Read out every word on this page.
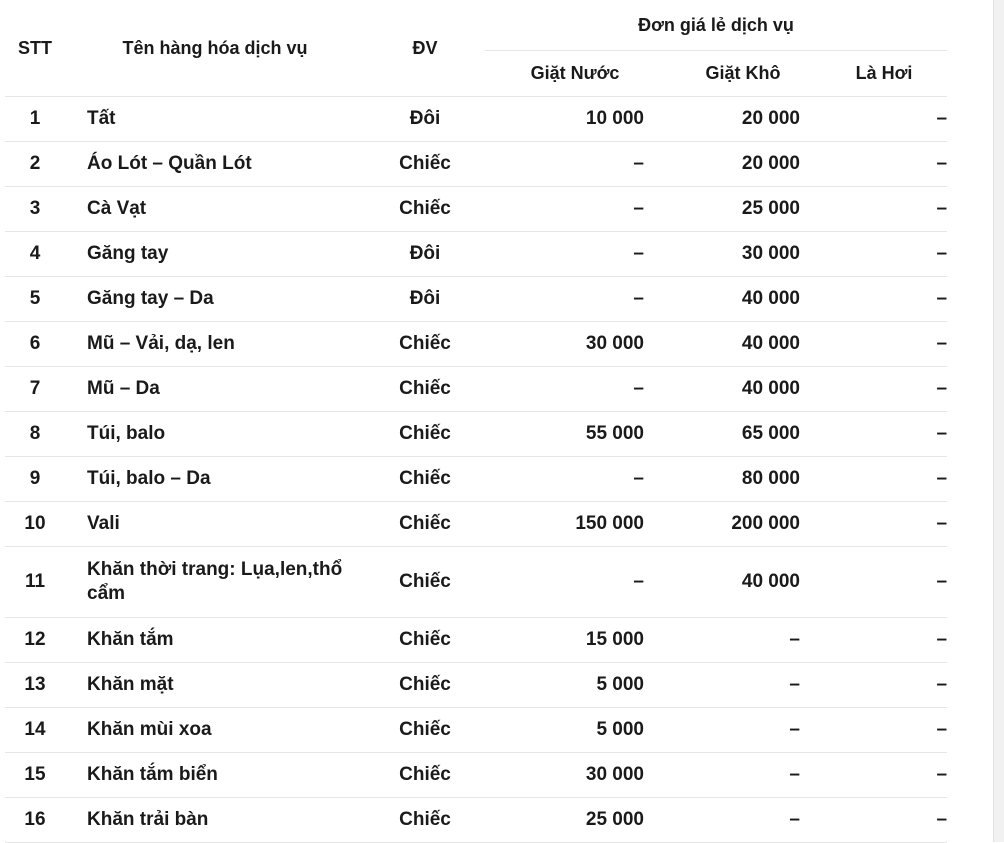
STT	Tên hàng hóa dịch vụ	ĐV	Đơn giá lẻ dịch vụ		
			Giặt Nước	Giặt Khô	Là Hơi
1	Tất	Đôi	10 000	20 000	–
2	Áo Lót – Quần Lót	Chiếc	–	20 000	–
3	Cà Vạt	Chiếc	–	25 000	–
4	Găng tay	Đôi	–	30 000	–
5	Găng tay – Da	Đôi	–	40 000	–
6	Mũ – Vải, dạ, len	Chiếc	30 000	40 000	–
7	Mũ – Da	Chiếc	–	40 000	–
8	Túi, balo	Chiếc	55 000	65 000	–
9	Túi, balo – Da	Chiếc	–	80 000	–
10	Vali	Chiếc	150 000	200 000	–
11	Khăn thời trang: Lụa,len,thổ cẩm	Chiếc	–	40 000	–
12	Khăn tắm	Chiếc	15 000	–	–
13	Khăn mặt	Chiếc	5 000	–	–
14	Khăn mùi xoa	Chiếc	5 000	–	–
15	Khăn tắm biển	Chiếc	30 000	–	–
16	Khăn trải bàn	Chiếc	25 000	–	–
